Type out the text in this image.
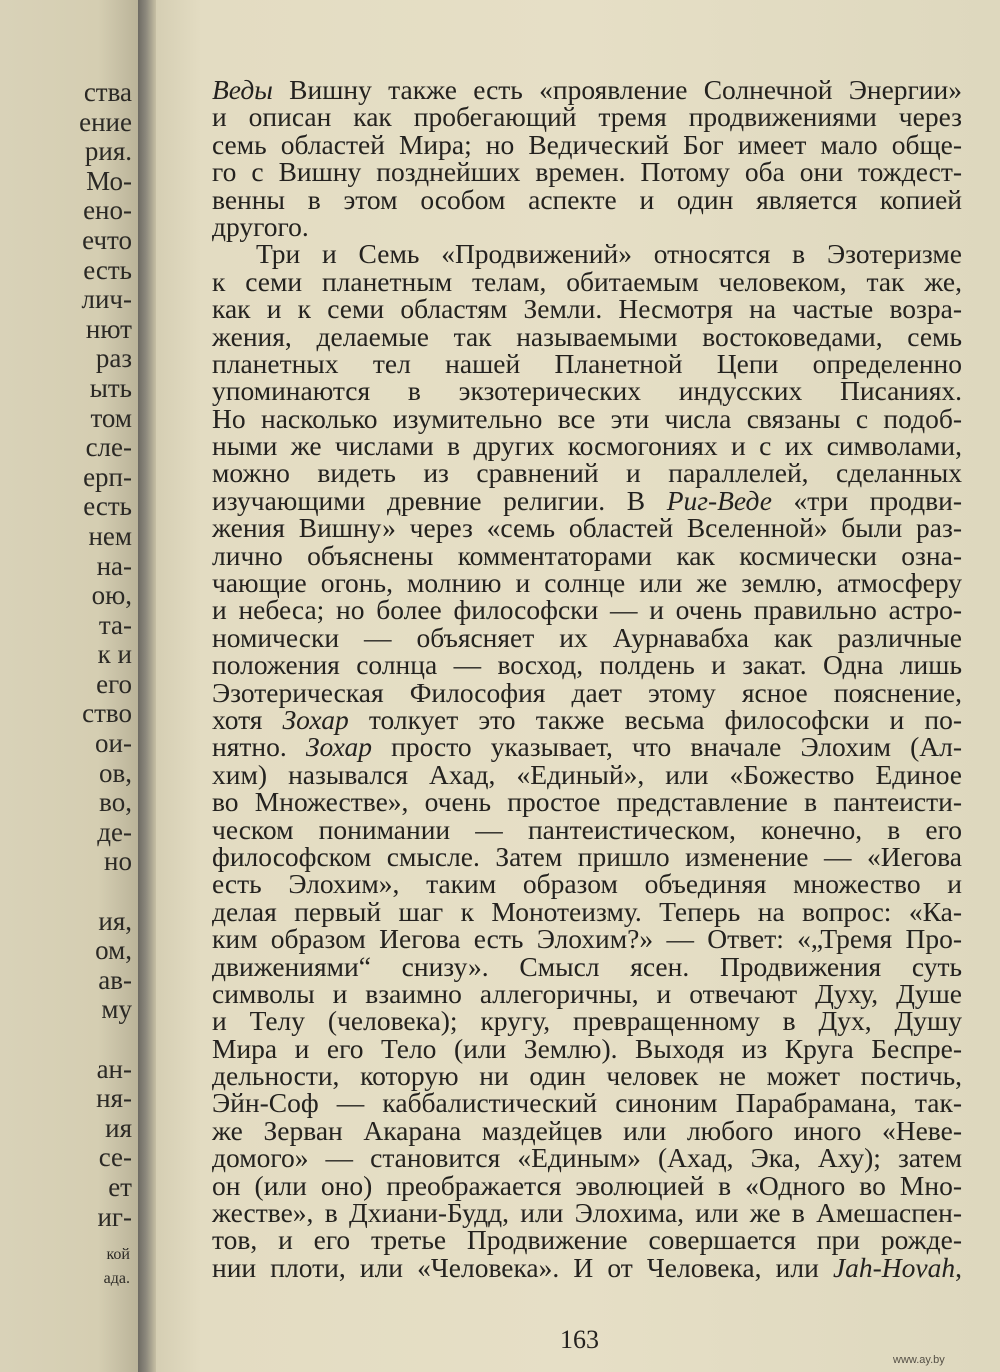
ства
ение
рия.
Мо-
ено-
ечто
есть
лич-
нют
раз
ыть
том
сле-
ерп-
есть
нем
на-
ою,
та-
к и
его
ство
ои-
ов,
во,
де-
но

ия,
ом,
ав-
му

ан-
ня-
ия
се-
ет
иг-
кой
ада.
Веды Вишну также есть «проявление Солнечной Энергии»
и описан как пробегающий тремя продвижениями через
семь областей Мира; но Ведический Бог имеет мало обще-
го с Вишну позднейших времен. Потому оба они тождест-
венны в этом особом аспекте и один является копией
другого.
Три и Семь «Продвижений» относятся в Эзотеризме
к семи планетным телам, обитаемым человеком, так же,
как и к семи областям Земли. Несмотря на частые возра-
жения, делаемые так называемыми востоковедами, семь
планетных тел нашей Планетной Цепи определенно
упоминаются в экзотерических индусских Писаниях.
Но насколько изумительно все эти числа связаны с подоб-
ными же числами в других космогониях и с их символами,
можно видеть из сравнений и параллелей, сделанных
изучающими древние религии. В Риг-Веде «три продви-
жения Вишну» через «семь областей Вселенной» были раз-
лично объяснены комментаторами как космически озна-
чающие огонь, молнию и солнце или же землю, атмосферу
и небеса; но более философски — и очень правильно астро-
номически — объясняет их Аурнавабха как различные
положения солнца — восход, полдень и закат. Одна лишь
Эзотерическая Философия дает этому ясное пояснение,
хотя Зохар толкует это также весьма философски и по-
нятно. Зохар просто указывает, что вначале Элохим (Ал-
хим) назывался Ахад, «Единый», или «Божество Единое
во Множестве», очень простое представление в пантеисти-
ческом понимании — пантеистическом, конечно, в его
философском смысле. Затем пришло изменение — «Иегова
есть Элохим», таким образом объединяя множество и
делая первый шаг к Монотеизму. Теперь на вопрос: «Ка-
ким образом Иегова есть Элохим?» — Ответ: «„Тремя Про-
движениями“ снизу». Смысл ясен. Продвижения суть
символы и взаимно аллегоричны, и отвечают Духу, Душе
и Телу (человека); кругу, превращенному в Дух, Душу
Мира и его Тело (или Землю). Выходя из Круга Беспре-
дельности, которую ни один человек не может постичь,
Эйн-Соф — каббалистический синоним Парабрамана, так-
же Зерван Акарана маздейцев или любого иного «Неве-
домого» — становится «Единым» (Ахад, Эка, Аху); затем
он (или оно) преображается эволюцией в «Одного во Мно-
жестве», в Дхиани-Будд, или Элохима, или же в Амешаспен-
тов, и его третье Продвижение совершается при рожде-
нии плоти, или «Человека». И от Человека, или Jah-Hovah,
163
www.ay.by
